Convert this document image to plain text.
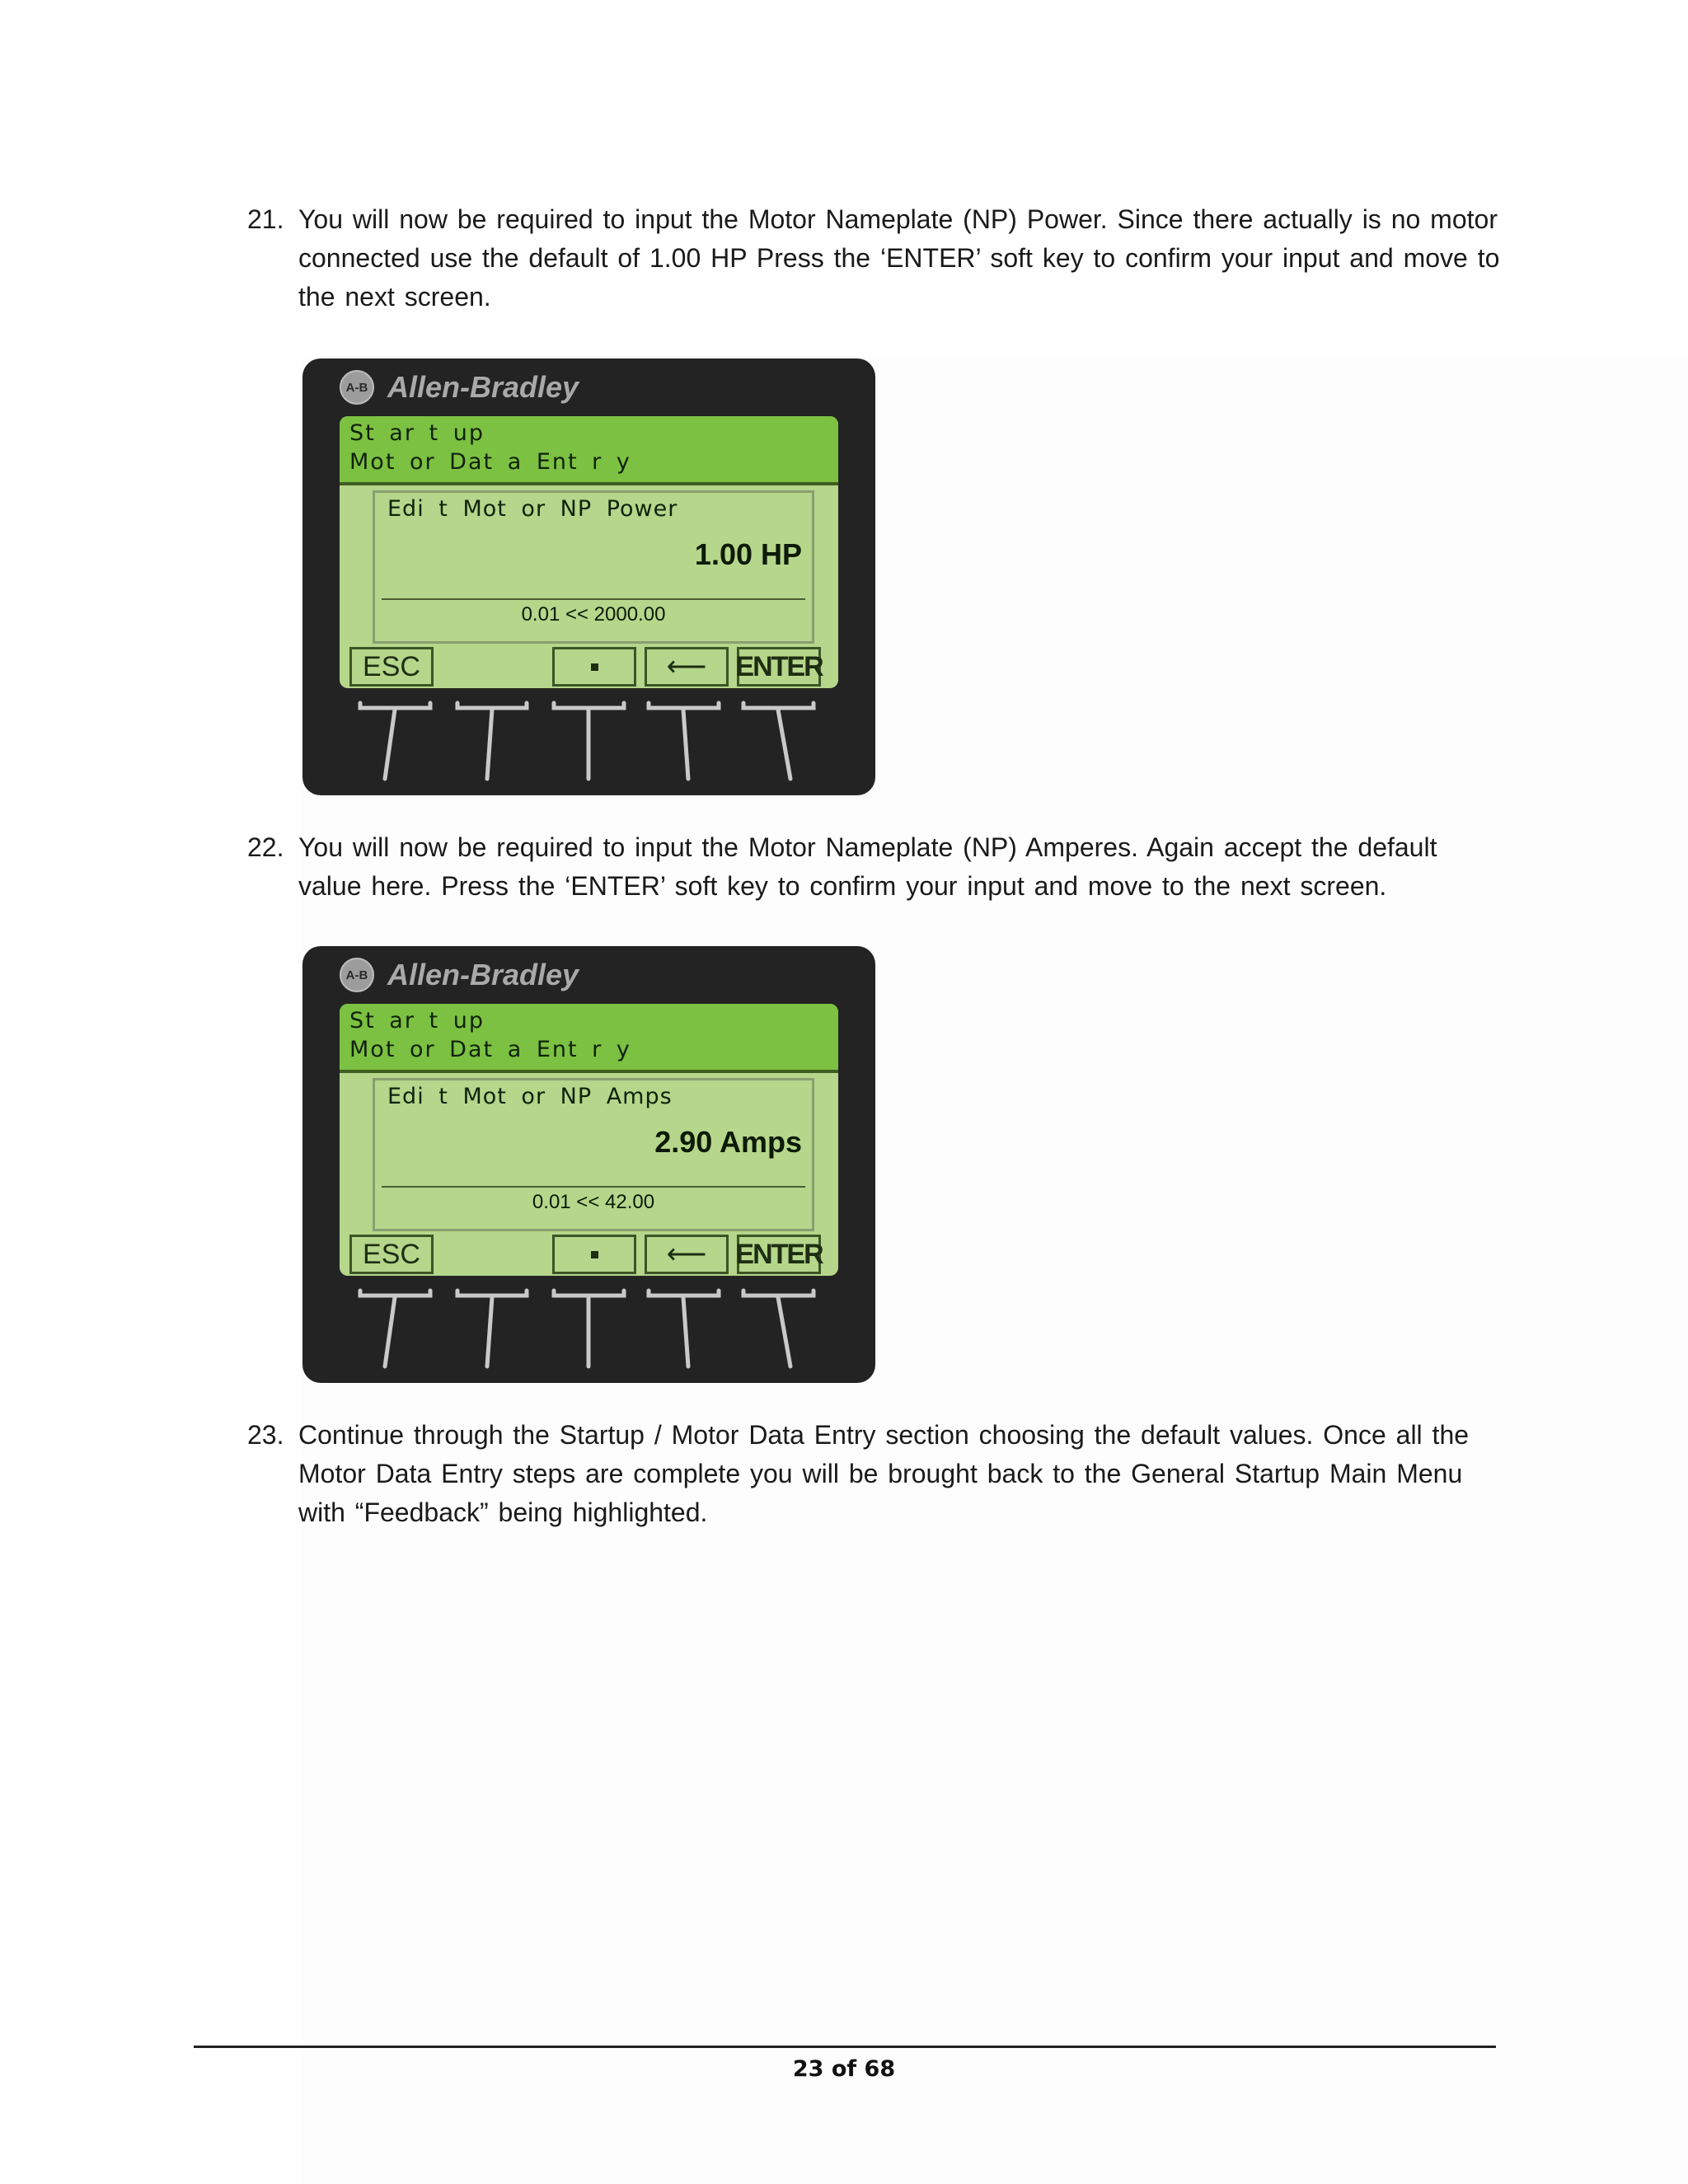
21. You will now be required to input the Motor Nameplate (NP) Power. Since there actually is no motor connected use the default of 1.00 HP Press the ‘ENTER’ soft key to confirm your input and move to the next screen.
A-B Allen-Bradley
St ar t up
Mot or Dat a Ent r y
Edi t Mot or NP Power
1.00 HP
0.01 << 2000.00
ESC	⟵	ENTER
22. You will now be required to input the Motor Nameplate (NP) Amperes. Again accept the default value here. Press the ‘ENTER’ soft key to confirm your input and move to the next screen.
A-B Allen-Bradley
St ar t up
Mot or Dat a Ent r y
Edi t Mot or NP Amps
2.90 Amps
0.01 << 42.00
ESC	⟵	ENTER
23. Continue through the Startup / Motor Data Entry section choosing the default values. Once all the Motor Data Entry steps are complete you will be brought back to the General Startup Main Menu with “Feedback” being highlighted.
23 of 68
